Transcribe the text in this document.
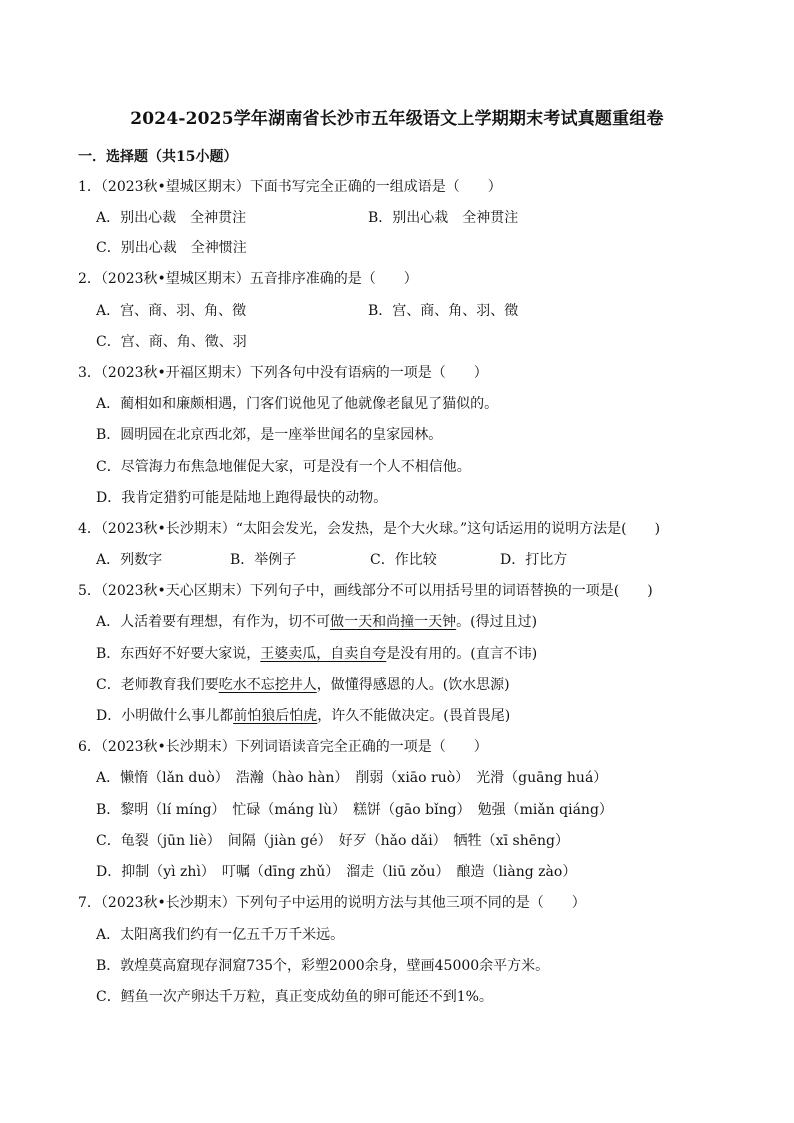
2024-2025学年湖南省长沙市五年级语文上学期期末考试真题重组卷
一．选择题（共15小题）
1．（2023秋•望城区期末）下面书写完全正确的一组成语是（　　）
A．别出心裁　全神贯注	B．别出心栽　全神贯注
C．别出心裁　全神惯注
2．（2023秋•望城区期末）五音排序准确的是（　　）
A．宫、商、羽、角、徵	B．宫、商、角、羽、徵
C．宫、商、角、徵、羽
3．（2023秋•开福区期末）下列各句中没有语病的一项是（　　）
A．蔺相如和廉颇相遇，门客们说他见了他就像老鼠见了猫似的。
B．圆明园在北京西北郊，是一座举世闻名的皇家园林。
C．尽管海力布焦急地催促大家，可是没有一个人不相信他。
D．我肯定猎豹可能是陆地上跑得最快的动物。
4．（2023秋•长沙期末）“太阳会发光，会发热，是个大火球。”这句话运用的说明方法是(　　)
A．列数字	B．举例子	C．作比较	D．打比方
5．（2023秋•天心区期末）下列句子中，画线部分不可以用括号里的词语替换的一项是(　　)
A．人活着要有理想，有作为，切不可做一天和尚撞一天钟。(得过且过)
B．东西好不好要大家说，王婆卖瓜，自卖自夸是没有用的。(直言不讳)
C．老师教育我们要吃水不忘挖井人，做懂得感恩的人。(饮水思源)
D．小明做什么事儿都前怕狼后怕虎，许久不能做决定。(畏首畏尾)
6．（2023秋•长沙期末）下列词语读音完全正确的一项是（　　）
A．懒惰（lǎn duò）　浩瀚（hào hàn）　削弱（xiāo ruò）　光滑（guāng huá）
B．黎明（lí míng）　忙碌（máng lù）　糕饼（gāo bǐng）　勉强（miǎn qiáng）
C．龟裂（jūn liè）　间隔（jiàn gé）　好歹（hǎo dǎi）　牺牲（xī shēng）
D．抑制（yì zhì）　叮嘱（dīng zhǔ）　溜走（liū zǒu）　酿造（liàng zào）
7．（2023秋•长沙期末）下列句子中运用的说明方法与其他三项不同的是（　　）
A．太阳离我们约有一亿五千万千米远。
B．敦煌莫高窟现存洞窟735个，彩塑2000余身，壁画45000余平方米。
C．鳕鱼一次产卵达千万粒，真正变成幼鱼的卵可能还不到1%。
